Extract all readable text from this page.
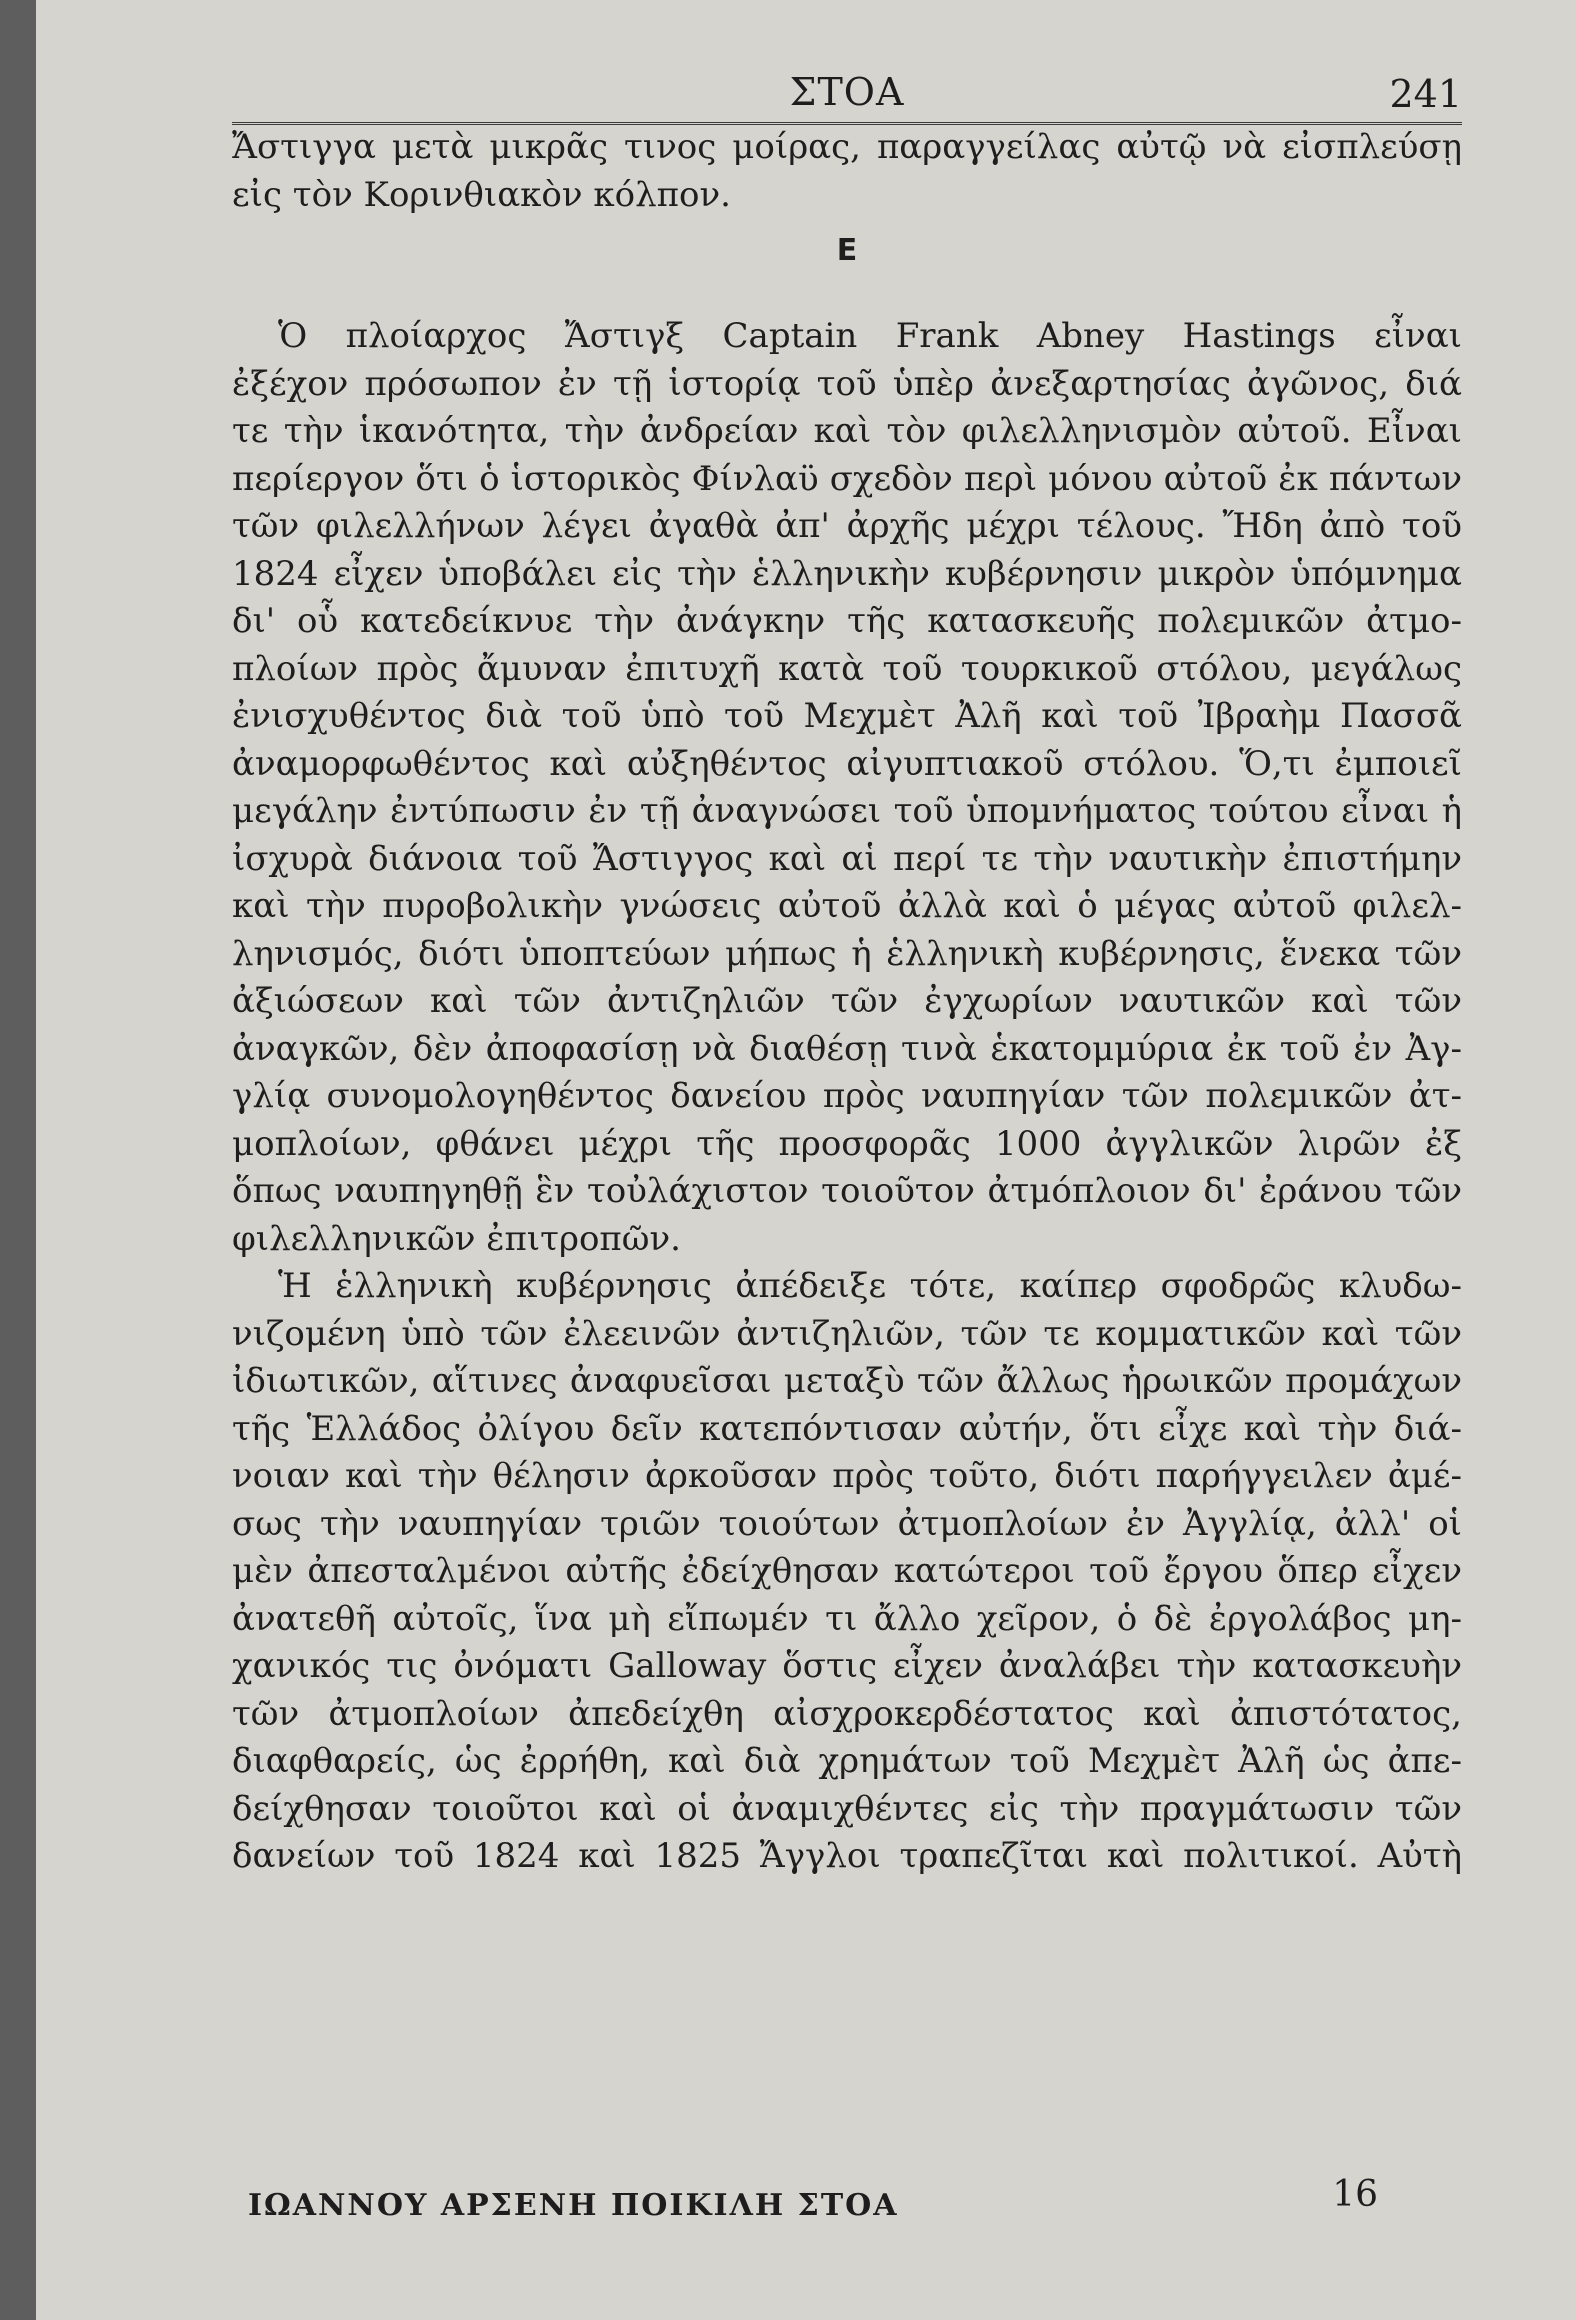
ΣΤΟΑ	241
Ἄστιγγα μετὰ μικρᾶς τινος μοίρας, παραγγείλας αὐτῷ νὰ εἰσπλεύσῃ
εἰς τὸν Κορινθιακὸν κόλπον.
Ε
Ὁ πλοίαρχος Ἄστιγξ Captain Frank Abney Hastings εἶναι
ἐξέχον πρόσωπον ἐν τῇ ἱστορίᾳ τοῦ ὑπὲρ ἀνεξαρτησίας ἀγῶνος, διά
τε τὴν ἱκανότητα, τὴν ἀνδρείαν καὶ τὸν φιλελληνισμὸν αὐτοῦ. Εἶναι
περίεργον ὅτι ὁ ἱστορικὸς Φίνλαϋ σχεδὸν περὶ μόνου αὐτοῦ ἐκ πάντων
τῶν φιλελλήνων λέγει ἀγαθὰ ἀπ' ἀρχῆς μέχρι τέλους. Ἤδη ἀπὸ τοῦ
1824 εἶχεν ὑποβάλει εἰς τὴν ἑλληνικὴν κυβέρνησιν μικρὸν ὑπόμνημα
δι' οὗ κατεδείκνυε τὴν ἀνάγκην τῆς κατασκευῆς πολεμικῶν ἀτμο-
πλοίων πρὸς ἄμυναν ἐπιτυχῆ κατὰ τοῦ τουρκικοῦ στόλου, μεγάλως
ἐνισχυθέντος διὰ τοῦ ὑπὸ τοῦ Μεχμὲτ Ἀλῆ καὶ τοῦ Ἰβραὴμ Πασσᾶ
ἀναμορφωθέντος καὶ αὐξηθέντος αἰγυπτιακοῦ στόλου. Ὅ,τι ἐμποιεῖ
μεγάλην ἐντύπωσιν ἐν τῇ ἀναγνώσει τοῦ ὑπομνήματος τούτου εἶναι ἡ
ἰσχυρὰ διάνοια τοῦ Ἄστιγγος καὶ αἱ περί τε τὴν ναυτικὴν ἐπιστήμην
καὶ τὴν πυροβολικὴν γνώσεις αὐτοῦ ἀλλὰ καὶ ὁ μέγας αὐτοῦ φιλελ-
ληνισμός, διότι ὑποπτεύων μήπως ἡ ἑλληνικὴ κυβέρνησις, ἕνεκα τῶν
ἀξιώσεων καὶ τῶν ἀντιζηλιῶν τῶν ἐγχωρίων ναυτικῶν καὶ τῶν
ἀναγκῶν, δὲν ἀποφασίσῃ νὰ διαθέσῃ τινὰ ἑκατομμύρια ἐκ τοῦ ἐν Ἀγ-
γλίᾳ συνομολογηθέντος δανείου πρὸς ναυπηγίαν τῶν πολεμικῶν ἀτ-
μοπλοίων, φθάνει μέχρι τῆς προσφορᾶς 1000 ἀγγλικῶν λιρῶν ἐξ
ὅπως ναυπηγηθῇ ἓν τοὐλάχιστον τοιοῦτον ἀτμόπλοιον δι' ἐράνου τῶν
φιλελληνικῶν ἐπιτροπῶν.
Ἡ ἑλληνικὴ κυβέρνησις ἀπέδειξε τότε, καίπερ σφοδρῶς κλυδω-
νιζομένη ὑπὸ τῶν ἐλεεινῶν ἀντιζηλιῶν, τῶν τε κομματικῶν καὶ τῶν
ἰδιωτικῶν, αἵτινες ἀναφυεῖσαι μεταξὺ τῶν ἄλλως ἡρωικῶν προμάχων
τῆς Ἑλλάδος ὀλίγου δεῖν κατεπόντισαν αὐτήν, ὅτι εἶχε καὶ τὴν διά-
νοιαν καὶ τὴν θέλησιν ἀρκοῦσαν πρὸς τοῦτο, διότι παρήγγειλεν ἀμέ-
σως τὴν ναυπηγίαν τριῶν τοιούτων ἀτμοπλοίων ἐν Ἀγγλίᾳ, ἀλλ' οἱ
μὲν ἀπεσταλμένοι αὐτῆς ἐδείχθησαν κατώτεροι τοῦ ἔργου ὅπερ εἶχεν
ἀνατεθῆ αὐτοῖς, ἵνα μὴ εἴπωμέν τι ἄλλο χεῖρον, ὁ δὲ ἐργολάβος μη-
χανικός τις ὀνόματι Galloway ὅστις εἶχεν ἀναλάβει τὴν κατασκευὴν
τῶν ἀτμοπλοίων ἀπεδείχθη αἰσχροκερδέστατος καὶ ἀπιστότατος,
διαφθαρείς, ὡς ἐρρήθη, καὶ διὰ χρημάτων τοῦ Μεχμὲτ Ἀλῆ ὡς ἀπε-
δείχθησαν τοιοῦτοι καὶ οἱ ἀναμιχθέντες εἰς τὴν πραγμάτωσιν τῶν
δανείων τοῦ 1824 καὶ 1825 Ἄγγλοι τραπεζῖται καὶ πολιτικοί. Αὐτὴ
ΙΩΑΝΝΟΥ ΑΡΣΕΝΗ ΠΟΙΚΙΛΗ ΣΤΟΑ	16
